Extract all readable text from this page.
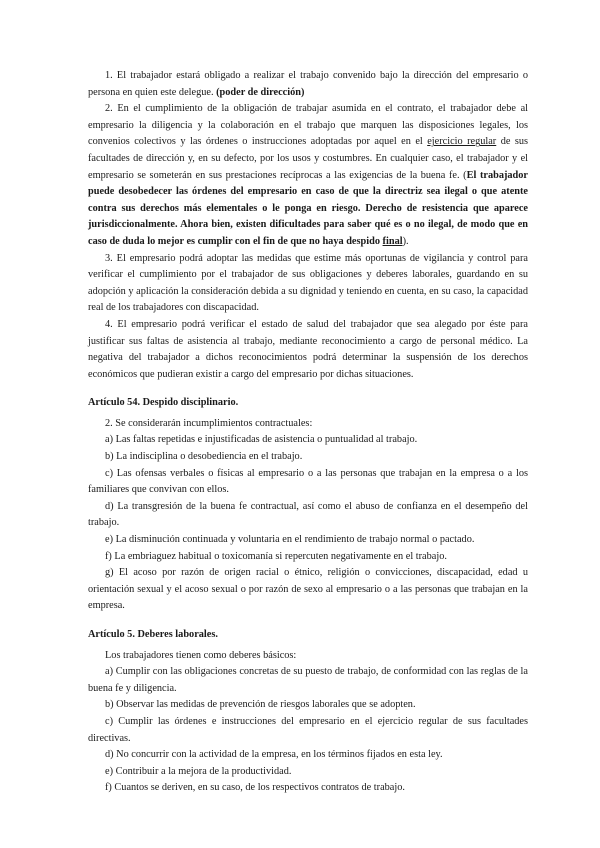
1. El trabajador estará obligado a realizar el trabajo convenido bajo la dirección del empresario o persona en quien este delegue. (poder de dirección)

2. En el cumplimiento de la obligación de trabajar asumida en el contrato, el trabajador debe al empresario la diligencia y la colaboración en el trabajo que marquen las disposiciones legales, los convenios colectivos y las órdenes o instrucciones adoptadas por aquel en el ejercicio regular de sus facultades de dirección y, en su defecto, por los usos y costumbres. En cualquier caso, el trabajador y el empresario se someterán en sus prestaciones recíprocas a las exigencias de la buena fe. (El trabajador puede desobedecer las órdenes del empresario en caso de que la directriz sea ilegal o que atente contra sus derechos más elementales o le ponga en riesgo. Derecho de resistencia que aparece jurisdiccionalmente. Ahora bien, existen dificultades para saber qué es o no ilegal, de modo que en caso de duda lo mejor es cumplir con el fin de que no haya despido final).

3. El empresario podrá adoptar las medidas que estime más oportunas de vigilancia y control para verificar el cumplimiento por el trabajador de sus obligaciones y deberes laborales, guardando en su adopción y aplicación la consideración debida a su dignidad y teniendo en cuenta, en su caso, la capacidad real de los trabajadores con discapacidad.

4. El empresario podrá verificar el estado de salud del trabajador que sea alegado por éste para justificar sus faltas de asistencia al trabajo, mediante reconocimiento a cargo de personal médico. La negativa del trabajador a dichos reconocimientos podrá determinar la suspensión de los derechos económicos que pudieran existir a cargo del empresario por dichas situaciones.

Artículo 54. Despido disciplinario.

2. Se considerarán incumplimientos contractuales:

a) Las faltas repetidas e injustificadas de asistencia o puntualidad al trabajo.

b) La indisciplina o desobediencia en el trabajo.

c) Las ofensas verbales o físicas al empresario o a las personas que trabajan en la empresa o a los familiares que convivan con ellos.

d) La transgresión de la buena fe contractual, así como el abuso de confianza en el desempeño del trabajo.

e) La disminución continuada y voluntaria en el rendimiento de trabajo normal o pactado.

f) La embriaguez habitual o toxicomanía si repercuten negativamente en el trabajo.

g) El acoso por razón de origen racial o étnico, religión o convicciones, discapacidad, edad u orientación sexual y el acoso sexual o por razón de sexo al empresario o a las personas que trabajan en la empresa.

Artículo 5. Deberes laborales.

Los trabajadores tienen como deberes básicos:

a) Cumplir con las obligaciones concretas de su puesto de trabajo, de conformidad con las reglas de la buena fe y diligencia.

b) Observar las medidas de prevención de riesgos laborales que se adopten.

c) Cumplir las órdenes e instrucciones del empresario en el ejercicio regular de sus facultades directivas.

d) No concurrir con la actividad de la empresa, en los términos fijados en esta ley.

e) Contribuir a la mejora de la productividad.

f) Cuantos se deriven, en su caso, de los respectivos contratos de trabajo.
